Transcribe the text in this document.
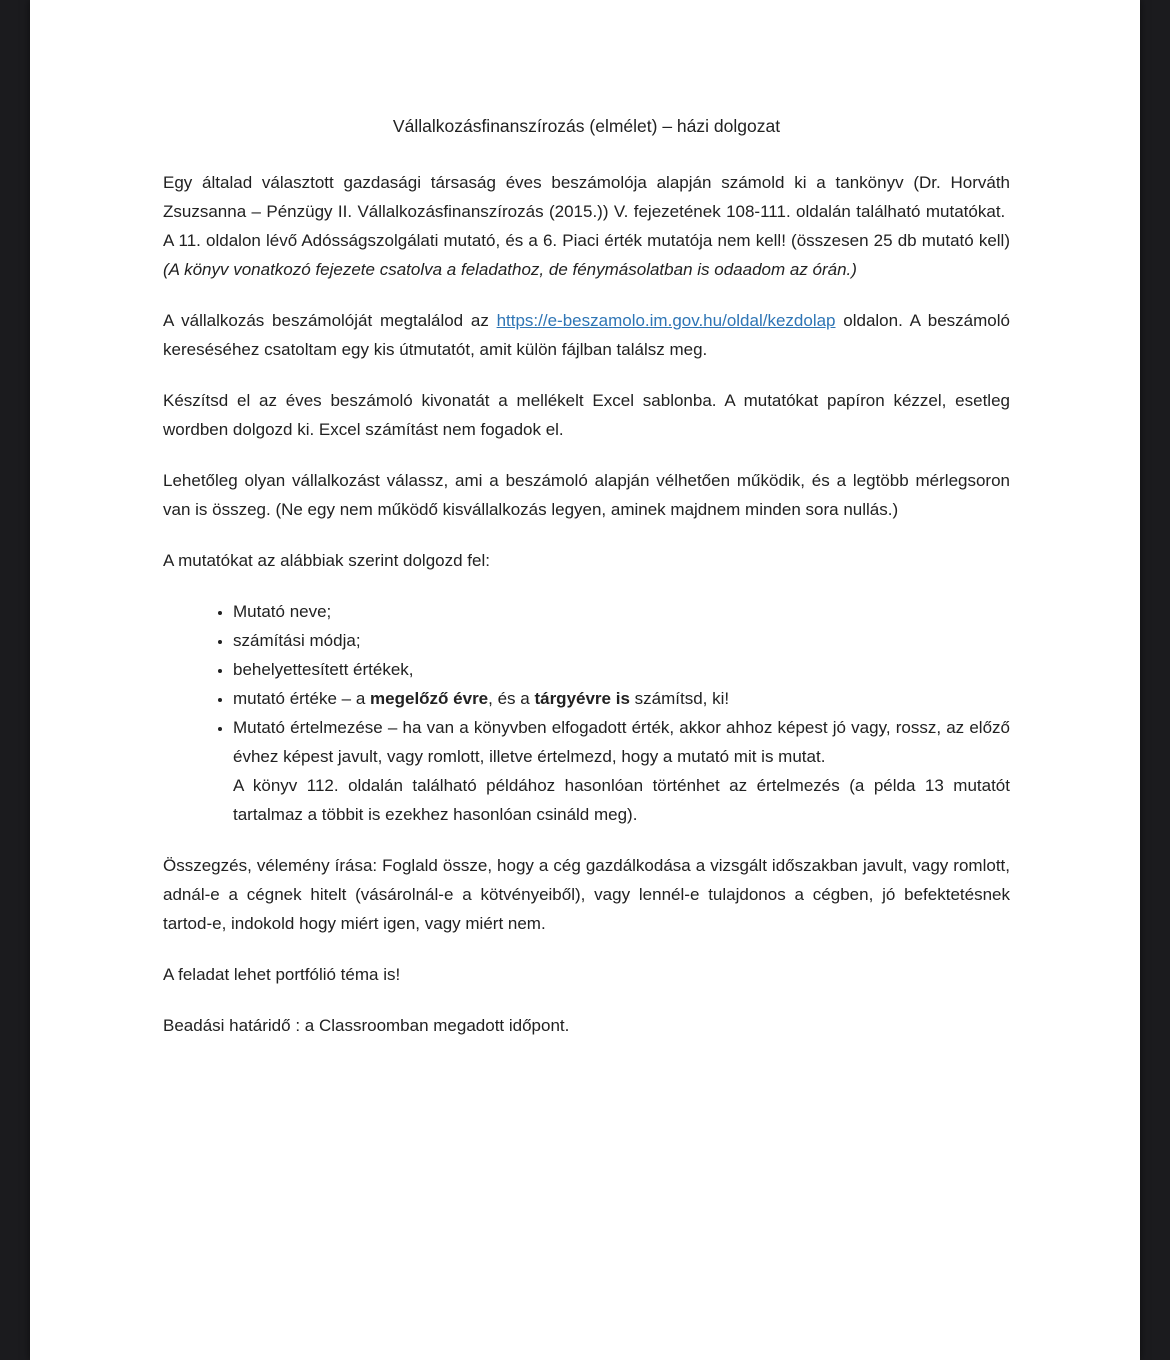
Vállalkozásfinanszírozás (elmélet) – házi dolgozat

Egy általad választott gazdasági társaság éves beszámolója alapján számold ki a tankönyv (Dr. Horváth Zsuzsanna – Pénzügy II. Vállalkozásfinanszírozás (2015.)) V. fejezetének 108-111. oldalán található mutatókat.  A 11. oldalon lévő Adósságszolgálati mutató, és a 6. Piaci érték mutatója nem kell! (összesen 25 db mutató kell) (A könyv vonatkozó fejezete csatolva a feladathoz, de fénymásolatban is odaadom az órán.)

A vállalkozás beszámolóját megtalálod az https://e-beszamolo.im.gov.hu/oldal/kezdolap oldalon. A beszámoló kereséséhez csatoltam egy kis útmutatót, amit külön fájlban találsz meg.

Készítsd el az éves beszámoló kivonatát a mellékelt Excel sablonba. A mutatókat papíron kézzel, esetleg wordben dolgozd ki. Excel számítást nem fogadok el.

Lehetőleg olyan vállalkozást válassz, ami a beszámoló alapján vélhetően működik, és a legtöbb mérlegsoron van is összeg. (Ne egy nem működő kisvállalkozás legyen, aminek majdnem minden sora nullás.)

A mutatókat az alábbiak szerint dolgozd fel:

• Mutató neve;
• számítási módja;
• behelyettesített értékek,
• mutató értéke – a megelőző évre, és a tárgyévre is számítsd, ki!
• Mutató értelmezése – ha van a könyvben elfogadott érték, akkor ahhoz képest jó vagy, rossz, az előző évhez képest javult, vagy romlott, illetve értelmezd, hogy a mutató mit is mutat.
A könyv 112. oldalán található példához hasonlóan történhet az értelmezés (a példa 13 mutatót tartalmaz a többit is ezekhez hasonlóan csináld meg).

Összegzés, vélemény írása: Foglald össze, hogy a cég gazdálkodása a vizsgált időszakban javult, vagy romlott, adnál-e a cégnek hitelt (vásárolnál-e a kötvényeiből), vagy lennél-e tulajdonos a cégben, jó befektetésnek tartod-e, indokold hogy miért igen, vagy miért nem.

A feladat lehet portfólió téma is!

Beadási határidő : a Classroomban megadott időpont.
